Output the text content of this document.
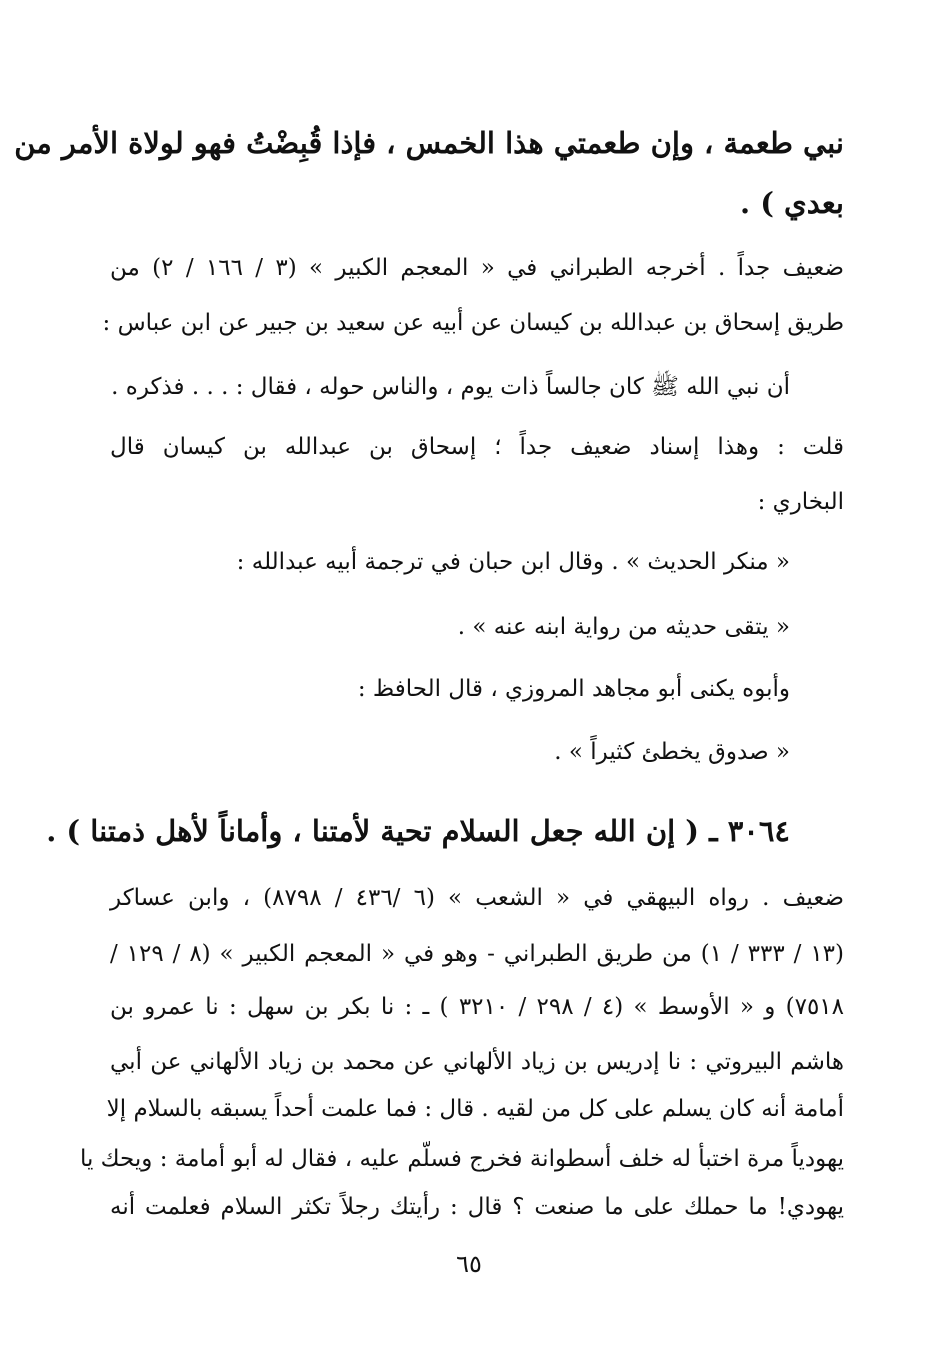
نبي طعمة ، وإن طعمتي هذا الخمس ، فإذا قُبِضْتُ فهو لولاة الأمر من
بعدي ) .
ضعيف جداً . أخرجه الطبراني في « المعجم الكبير » (٣ / ١٦٦ / ٢) من
طريق إسحاق بن عبدالله بن كيسان عن أبيه عن سعيد بن جبير عن ابن عباس :
أن نبي الله ﷺ كان جالساً ذات يوم ، والناس حوله ، فقال : . . . فذكره .
قلت : وهذا إسناد ضعيف جداً ؛ إسحاق بن عبدالله بن كيسان قال
البخاري :
« منكر الحديث » . وقال ابن حبان في ترجمة أبيه عبدالله :
« يتقى حديثه من رواية ابنه عنه » .
وأبوه يكنى أبو مجاهد المروزي ، قال الحافظ :
« صدوق يخطئ كثيراً » .
٣٠٦٤ ـ ( إن الله جعل السلام تحية لأمتنا ، وأماناً لأهل ذمتنا ) .
ضعيف . رواه البيهقي في « الشعب » (٦ /٤٣٦ / ٨٧٩٨) ، وابن عساكر
(١٣ / ٣٣٣ / ١) من طريق الطبراني - وهو في « المعجم الكبير » (٨ / ١٢٩ /
٧٥١٨) و « الأوسط » (٤ / ٢٩٨ / ٣٢١٠ ) ـ : نا بكر بن سهل : نا عمرو بن
هاشم البيروتي : نا إدريس بن زياد الألهاني عن محمد بن زياد الألهاني عن أبي
أمامة أنه كان يسلم على كل من لقيه . قال : فما علمت أحداً يسبقه بالسلام إلا
يهودياً مرة اختبأ له خلف أسطوانة فخرج فسلّم عليه ، فقال له أبو أمامة : ويحك يا
يهودي! ما حملك على ما صنعت ؟ قال : رأيتك رجلاً تكثر السلام فعلمت أنه
٦٥
